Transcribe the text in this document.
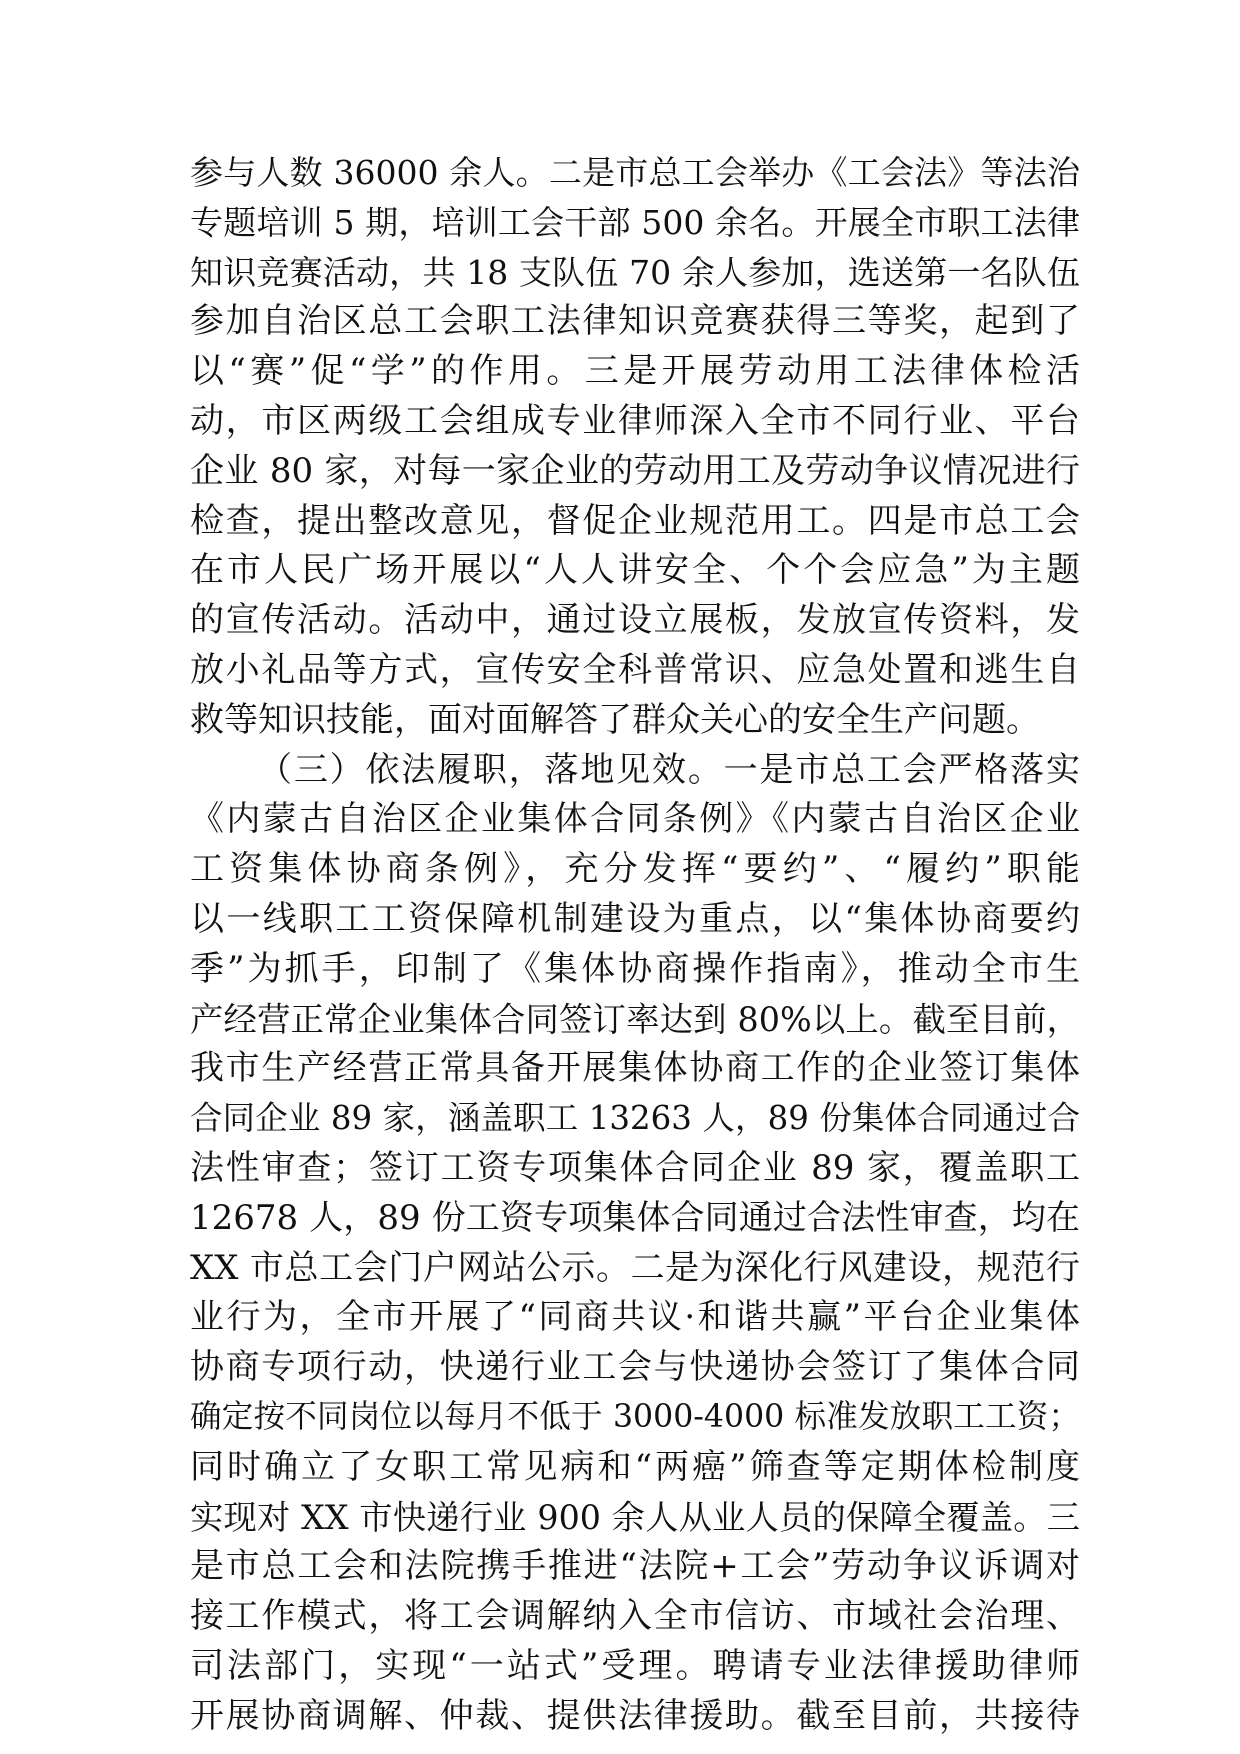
参与人数 36000 余人。二是市总工会举办《工会法》等法治
专题培训 5 期，培训工会干部 500 余名。开展全市职工法律
知识竞赛活动，共 18 支队伍 70 余人参加，选送第一名队伍
参加自治区总工会职工法律知识竞赛获得三等奖，起到了
以“赛”促“学”的作用。三是开展劳动用工法律体检活
动，市区两级工会组成专业律师深入全市不同行业、平台
企业 80 家，对每一家企业的劳动用工及劳动争议情况进行
检查，提出整改意见，督促企业规范用工。四是市总工会
在市人民广场开展以“人人讲安全、个个会应急”为主题
的宣传活动。活动中，通过设立展板，发放宣传资料，发
放小礼品等方式，宣传安全科普常识、应急处置和逃生自
救等知识技能，面对面解答了群众关心的安全生产问题。
（三）依法履职，落地见效。一是市总工会严格落实
《内蒙古自治区企业集体合同条例》《内蒙古自治区企业
工资集体协商条例》，充分发挥“要约”、“履约”职能
以一线职工工资保障机制建设为重点，以“集体协商要约
季”为抓手，印制了《集体协商操作指南》，推动全市生
产经营正常企业集体合同签订率达到 80%以上。截至目前，
我市生产经营正常具备开展集体协商工作的企业签订集体
合同企业 89 家，涵盖职工 13263 人，89 份集体合同通过合
法性审查；签订工资专项集体合同企业 89 家，覆盖职工
12678 人，89 份工资专项集体合同通过合法性审查，均在
XX 市总工会门户网站公示。二是为深化行风建设，规范行
业行为，全市开展了“同商共议·和谐共赢”平台企业集体
协商专项行动，快递行业工会与快递协会签订了集体合同
确定按不同岗位以每月不低于 3000-4000 标准发放职工工资；
同时确立了女职工常见病和“两癌”筛查等定期体检制度
实现对 XX 市快递行业 900 余人从业人员的保障全覆盖。三
是市总工会和法院携手推进“法院+工会”劳动争议诉调对
接工作模式，将工会调解纳入全市信访、市域社会治理、
司法部门，实现“一站式”受理。聘请专业法律援助律师
开展协商调解、仲裁、提供法律援助。截至目前，共接待
